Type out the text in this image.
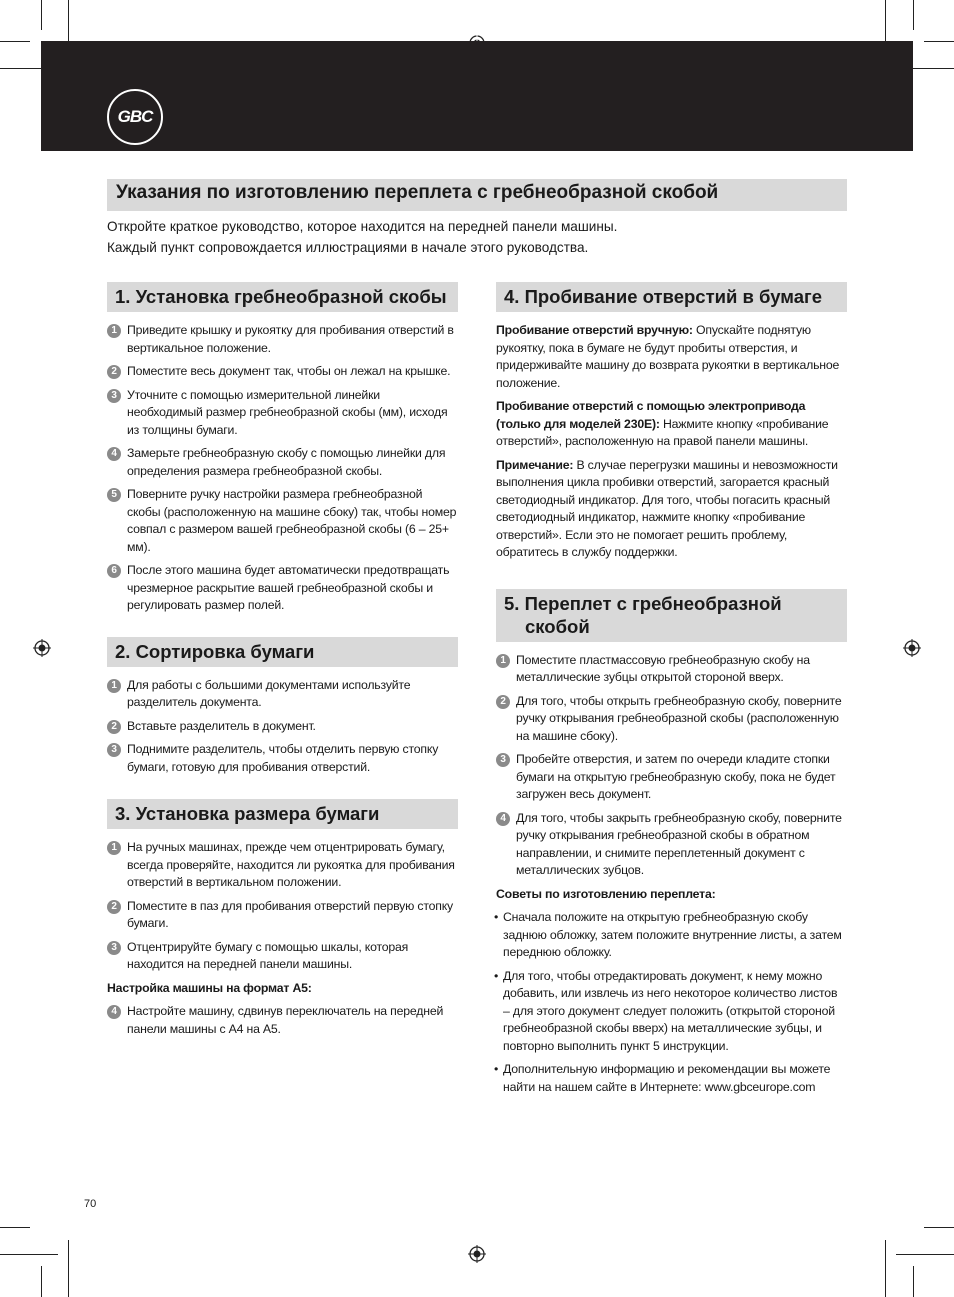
GBC
Указания по изготовлению переплета с гребнеобразной скобой
Откройте краткое руководство, которое находится на передней панели машины.
Каждый пункт сопровождается иллюстрациями в начале этого руководства.
1. Установка гребнеобразной скобы
1 Приведите крышку и рукоятку для пробивания отверстий в вертикальное положение.
2 Поместите весь документ так, чтобы он лежал на крышке.
3 Уточните с помощью измерительной линейки необходимый размер гребнеобразной скобы (мм), исходя из толщины бумаги.
4 Замерьте гребнеобразную скобу с помощью линейки для определения размера гребнеобразной скобы.
5 Поверните ручку настройки размера гребнеобразной скобы (расположенную на машине сбоку) так, чтобы номер совпал с размером вашей гребнеобразной скобы (6 – 25+ мм).
6 После этого машина будет автоматически предотвращать чрезмерное раскрытие вашей гребнеобразной скобы и регулировать размер полей.
2. Сортировка бумаги
1 Для работы с большими документами используйте разделитель документа.
2 Вставьте разделитель в документ.
3 Поднимите разделитель, чтобы отделить первую стопку бумаги, готовую для пробивания отверстий.
3. Установка размера бумаги
1 На ручных машинах, прежде чем отцентрировать бумагу, всегда проверяйте, находится ли рукоятка для пробивания отверстий в вертикальном положении.
2 Поместите в паз для пробивания отверстий первую стопку бумаги.
3 Отцентрируйте бумагу с помощью шкалы, которая находится на передней панели машины.
Настройка машины на формат А5:
4 Настройте машину, сдвинув переключатель на передней панели машины с А4 на А5.
4. Пробивание отверстий в бумаге
Пробивание отверстий вручную: Опускайте поднятую рукоятку, пока в бумаге не будут пробиты отверстия, и придерживайте машину до возврата рукоятки в вертикальное положение.
Пробивание отверстий с помощью электропривода (только для моделей 230E): Нажмите кнопку «пробивание отверстий», расположенную на правой панели машины.
Примечание: В случае перегрузки машины и невозможности выполнения цикла пробивки отверстий, загорается красный светодиодный индикатор. Для того, чтобы погасить красный светодиодный индикатор, нажмите кнопку «пробивание отверстий». Если это не помогает решить проблему, обратитесь в службу поддержки.
5. Переплет с гребнеобразной скобой
1 Поместите пластмассовую гребнеобразную скобу на металлические зубцы открытой стороной вверх.
2 Для того, чтобы открыть гребнеобразную скобу, поверните ручку открывания гребнеобразной скобы (расположенную на машине сбоку).
3 Пробейте отверстия, и затем по очереди кладите стопки бумаги на открытую гребнеобразную скобу, пока не будет загружен весь документ.
4 Для того, чтобы закрыть гребнеобразную скобу, поверните ручку открывания гребнеобразной скобы в обратном направлении, и снимите переплетенный документ с металлических зубцов.
Советы по изготовлению переплета:
• Сначала положите на открытую гребнеобразную скобу заднюю обложку, затем положите внутренние листы, а затем переднюю обложку.
• Для того, чтобы отредактировать документ, к нему можно добавить, или извлечь из него некоторое количество листов – для этого документ следует положить (открытой стороной гребнеобразной скобы вверх) на металлические зубцы, и повторно выполнить пункт 5 инструкции.
• Дополнительную информацию и рекомендации вы можете найти на нашем сайте в Интернете: www.gbceurope.com
70
